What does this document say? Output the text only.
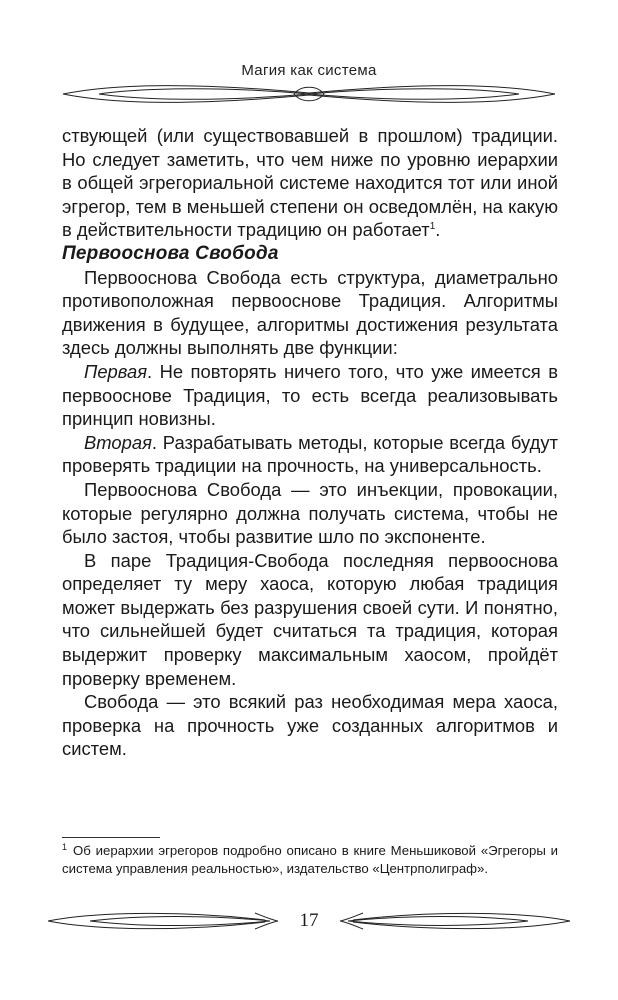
Магия как система

ствующей (или существовавшей в прошлом) традиции. Но следует заметить, что чем ниже по уровню иерархии в общей эгрегориальной системе находится тот или иной эгрегор, тем в меньшей степени он осведомлён, на какую в действительности традицию он работает$^1$.

Первооснова Свобода

Первооснова Свобода есть структура, диаметрально противоположная первооснове Традиция. Алгоритмы движения в будущее, алгоритмы достижения результата здесь должны выполнять две функции:

Первая. Не повторять ничего того, что уже имеется в первооснове Традиция, то есть всегда реализовывать принцип новизны.

Вторая. Разрабатывать методы, которые всегда будут проверять традиции на прочность, на универсальность.

Первооснова Свобода — это инъекции, провокации, которые регулярно должна получать система, чтобы не было застоя, чтобы развитие шло по экспоненте.

В паре Традиция-Свобода последняя первооснова определяет ту меру хаоса, которую любая традиция может выдержать без разрушения своей сути. И понятно, что сильнейшей будет считаться та традиция, которая выдержит проверку максимальным хаосом, пройдёт проверку временем.

Свобода — это всякий раз необходимая мера хаоса, проверка на прочность уже созданных алгоритмов и систем.

$^1$ Об иерархии эгрегоров подробно описано в книге Меньшиковой «Эгрегоры и система управления реальностью», издательство «Центрполиграф».
17
